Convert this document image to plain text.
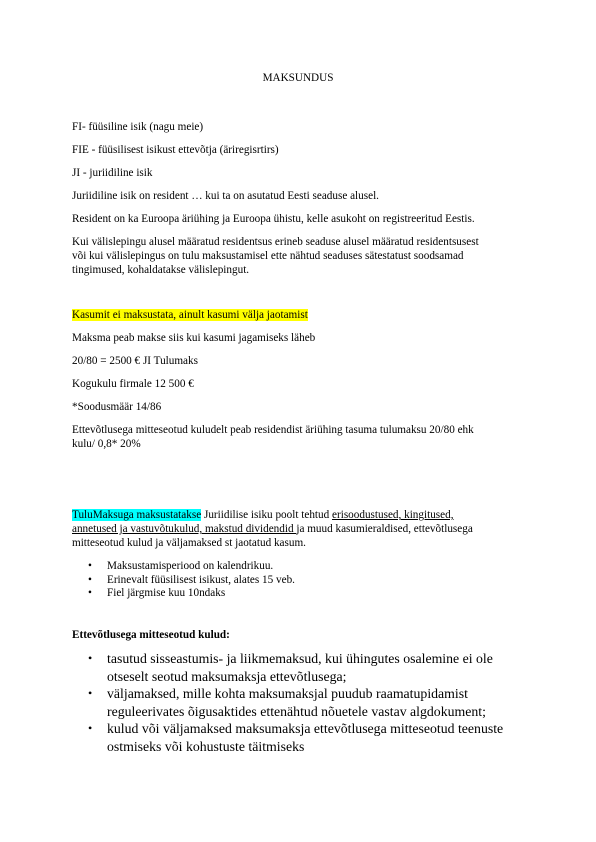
MAKSUNDUS

FI- füüsiline isik (nagu meie)

FIE - füüsilisest isikust ettevõtja (äriregisrtirs)

JI - juriidiline isik

Juriidiline isik on resident … kui ta on asutatud Eesti seaduse alusel.

Resident on ka Euroopa äriühing ja Euroopa ühistu, kelle asukoht on registreeritud Eestis.

Kui välislepingu alusel määratud residentsus erineb seaduse alusel määratud residentsusest

või kui välislepingus on tulu maksustamisel ette nähtud seaduses sätestatust soodsamad

tingimused, kohaldatakse välislepingut.

Kasumit ei maksustata, ainult kasumi välja jaotamist

Maksma peab makse siis kui kasumi jagamiseks läheb

20/80 = 2500 € JI Tulumaks

Kogukulu firmale 12 500 €

*Soodusmäär 14/86

Ettevõtlusega mitteseotud kuludelt peab residendist äriühing tasuma tulumaksu 20/80 ehk

kulu/ 0,8* 20%

TuluMaksuga maksustatakse Juriidilise isiku poolt tehtud erisoodustused, kingitused,

annetused ja vastuvõtukulud, makstud dividendid ja muud kasumieraldised, ettevõtlusega

mitteseotud kulud ja väljamaksed st jaotatud kasum.

• Maksustamisperiood on kalendrikuu.
• Erinevalt füüsilisest isikust, alates 15 veb.
• Fiel järgmise kuu 10ndaks

Ettevõtlusega mitteseotud kulud:

• tasutud sisseastumis- ja liikmemaksud, kui ühingutes osalemine ei ole
otseselt seotud maksumaksja ettevõtlusega;
• väljamaksed, mille kohta maksumaksjal puudub raamatupidamist
reguleerivates õigusaktides ettenähtud nõuetele vastav algdokument;
• kulud või väljamaksed maksumaksja ettevõtlusega mitteseotud teenuste
ostmiseks või kohustuste täitmiseks
